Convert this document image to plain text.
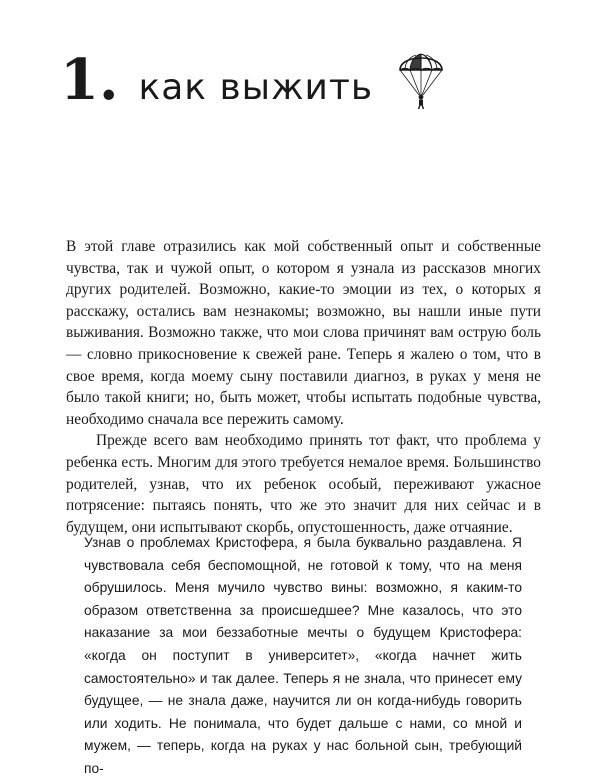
1. как выжить

В этой главе отразились как мой собственный опыт и собственные чувства, так и чужой опыт, о котором я узнала из рассказов многих других родителей. Возможно, какие-то эмоции из тех, о которых я расскажу, остались вам незнакомы; возможно, вы нашли иные пути выживания. Возможно также, что мои слова причинят вам острую боль — словно прикосновение к свежей ране. Теперь я жалею о том, что в свое время, когда моему сыну поставили диагноз, в руках у меня не было такой книги; но, быть может, чтобы испытать подобные чувства, необходимо сначала все пережить самому.

Прежде всего вам необходимо принять тот факт, что проблема у ребенка есть. Многим для этого требуется немалое время. Большинство родителей, узнав, что их ребенок особый, переживают ужасное потрясение: пытаясь понять, что же это значит для них сейчас и в будущем, они испытывают скорбь, опустошенность, даже отчаяние.

Узнав о проблемах Кристофера, я была буквально раздавлена. Я чувствовала себя беспомощной, не готовой к тому, что на меня обрушилось. Меня мучило чувство вины: возможно, я каким-то образом ответственна за происшедшее? Мне казалось, что это наказание за мои беззаботные мечты о будущем Кристофера: «когда он поступит в университет», «когда начнет жить самостоятельно» и так далее. Теперь я не знала, что принесет ему будущее, — не знала даже, научится ли он когда-нибудь говорить или ходить. Не понимала, что будет дальше с нами, со мной и мужем, — теперь, когда на руках у нас больной сын, требующий по-
